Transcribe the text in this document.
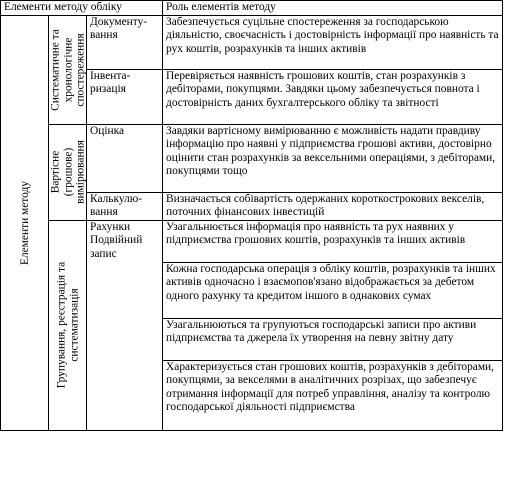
Елементи методу обліку			Роль елементів методу

Елементи методу	Систематичне та хронологічне спостереження	Документу-вання	Забезпечується суцільне спостереження за господарською діяльністю, своєчасність і достовірність інформації про наявність та рух коштів, розрахунків та інших активів
		Інвента-ризація	Перевіряється наявність грошових коштів, стан розрахунків з дебіторами, покупцями. Завдяки цьому забезпечується повнота і достовірність даних бухгалтерського обліку та звітності

	Вартісне (грошове) вимірювання	Оцінка	Завдяки вартісному вимірюванню є можливість надати правдиву інформацію про наявні у підприємства грошові активи, достовірно оцінити стан розрахунків за вексельними операціями, з дебіторами, покупцями тощо
		Калькулю-вання	Визначається собівартість одержаних короткострокових векселів, поточних фінансових інвестицій

	Групування, реєстрація та систематизація	Рахунки Подвійний запис	Узагальнюється інформація про наявність та рух наявних у підприємства грошових коштів, розрахунків та інших активів
			Кожна господарська операція з обліку коштів, розрахунків та інших активів одночасно і взаємопов'язано відображається за дебетом одного рахунку та кредитом іншого в однакових сумах
			Узагальнюються та групуються господарські записи про активи підприємства та джерела їх утворення на певну звітну дату
			Характеризується стан грошових коштів, розрахунків з дебіторами, покупцями, за векселями в аналітичних розрізах, що забезпечує отримання інформації для потреб управління, аналізу та контролю господарської діяльності підприємства
